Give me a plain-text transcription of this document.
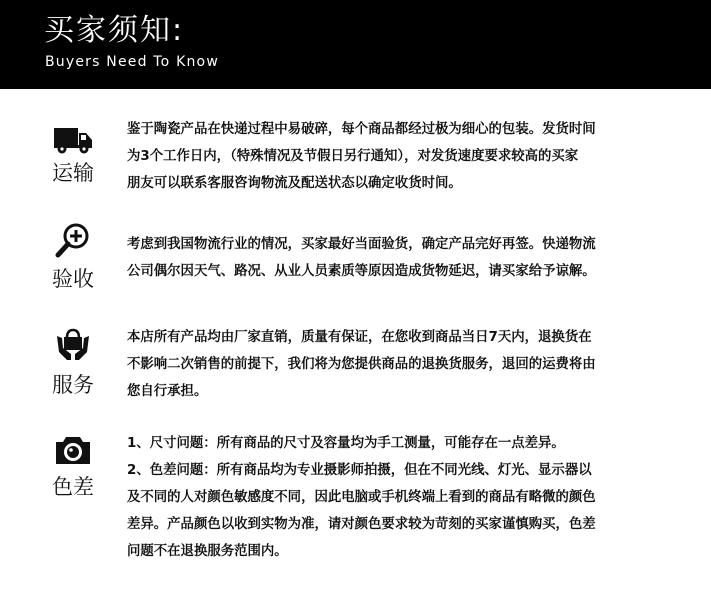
买家须知:
Buyers Need To Know
运输

鉴于陶瓷产品在快递过程中易破碎，每个商品都经过极为细心的包装。发货时间

为3个工作日内，（特殊情况及节假日另行通知），对发货速度要求较高的买家

朋友可以联系客服咨询物流及配送状态以确定收货时间。

验收

考虑到我国物流行业的情况，买家最好当面验货，确定产品完好再签。快递物流

公司偶尔因天气、路况、从业人员素质等原因造成货物延迟，请买家给予谅解。

服务

本店所有产品均由厂家直销，质量有保证，在您收到商品当日7天内，退换货在

不影响二次销售的前提下，我们将为您提供商品的退换货服务，退回的运费将由

您自行承担。

色差

1、尺寸问题：所有商品的尺寸及容量均为手工测量，可能存在一点差异。

2、色差问题：所有商品均为专业摄影师拍摄，但在不同光线、灯光、显示器以

及不同的人对颜色敏感度不同，因此电脑或手机终端上看到的商品有略微的颜色

差异。产品颜色以收到实物为准，请对颜色要求较为苛刻的买家谨慎购买，色差

问题不在退换服务范围内。
